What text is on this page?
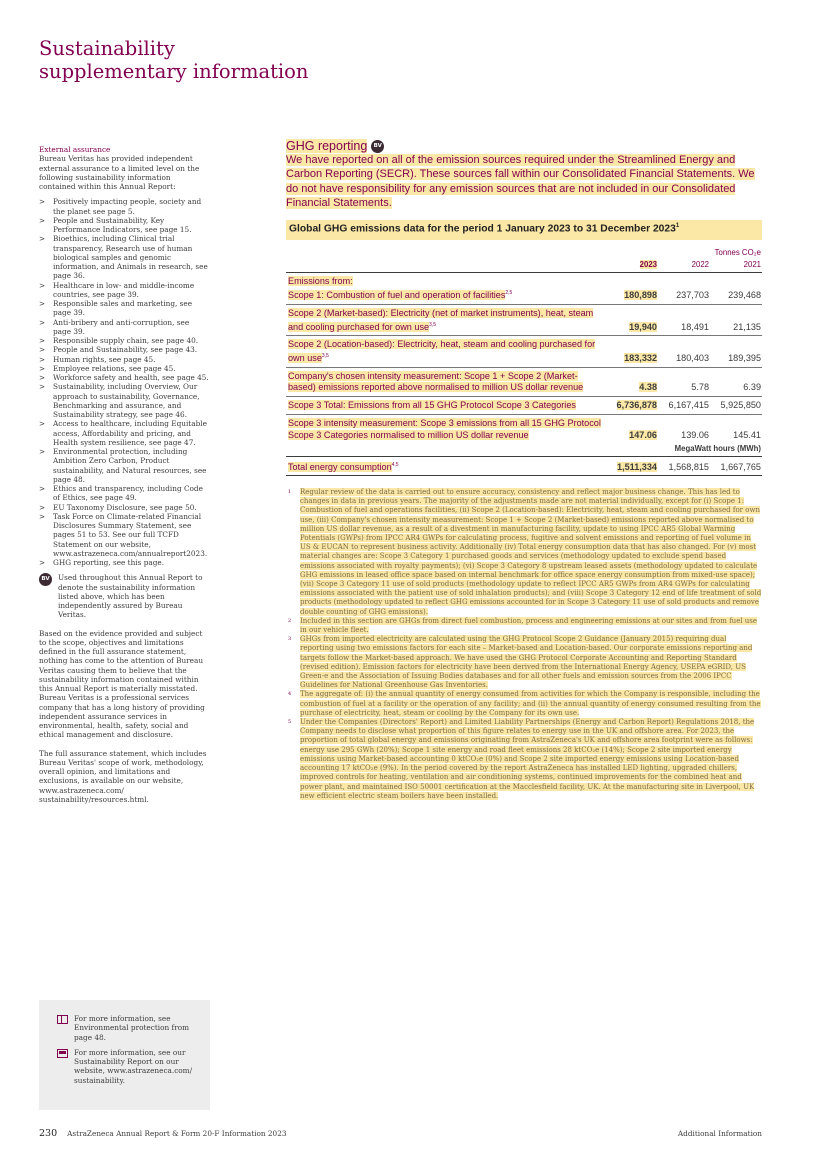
Sustainability
supplementary information
External assurance
Bureau Veritas has provided independent external assurance to a limited level on the following sustainability information contained within this Annual Report:
> Positively impacting people, society and the planet see page 5.
> People and Sustainability, Key Performance Indicators, see page 15.
> Bioethics, including Clinical trial transparency, Research use of human biological samples and genomic information, and Animals in research, see page 36.
> Healthcare in low- and middle-income countries, see page 39.
> Responsible sales and marketing, see page 39.
> Anti-bribery and anti-corruption, see page 39.
> Responsible supply chain, see page 40.
> People and Sustainability, see page 43.
> Human rights, see page 45.
> Employee relations, see page 45.
> Workforce safety and health, see page 45.
> Sustainability, including Overview, Our approach to sustainability, Governance, Benchmarking and assurance, and Sustainability strategy, see page 46.
> Access to healthcare, including Equitable access, Affordability and pricing, and Health system resilience, see page 47.
> Environmental protection, including Ambition Zero Carbon, Product sustainability, and Natural resources, see page 48.
> Ethics and transparency, including Code of Ethics, see page 49.
> EU Taxonomy Disclosure, see page 50.
> Task Force on Climate-related Financial Disclosures Summary Statement, see pages 51 to 53. See our full TCFD Statement on our website, www.astrazeneca.com/annualreport2023.
> GHG reporting, see this page.
BV	Used throughout this Annual Report to denote the sustainability information listed above, which has been independently assured by Bureau Veritas.

Based on the evidence provided and subject to the scope, objectives and limitations defined in the full assurance statement, nothing has come to the attention of Bureau Veritas causing them to believe that the sustainability information contained within this Annual Report is materially misstated. Bureau Veritas is a professional services company that has a long history of providing independent assurance services in environmental, health, safety, social and ethical management and disclosure.

The full assurance statement, which includes Bureau Veritas' scope of work, methodology, overall opinion, and limitations and exclusions, is available on our website, www.astrazeneca.com/ sustainability/resources.html.

For more information, see Environmental protection from page 48.
For more information, see our Sustainability Report on our website, www.astrazeneca.com/ sustainability.
GHG reporting	BV
We have reported on all of the emission sources required under the Streamlined Energy and Carbon Reporting (SECR). These sources fall within our Consolidated Financial Statements. We do not have responsibility for any emission sources that are not included in our Consolidated Financial Statements.
Global GHG emissions data for the period 1 January 2023 to 31 December 2023$^1$
		Tonnes CO₂e	
	2023	2022	2021
Emissions from:			
Scope 1: Combustion of fuel and operation of facilities$^{2,5}$	180,898	237,703	239,468
Scope 2 (Market-based): Electricity (net of market instruments), heat, steam and cooling purchased for own use$^{3,5}$	19,940	18,491	21,135
Scope 2 (Location-based): Electricity, heat, steam and cooling purchased for own use$^{3,5}$	183,332	180,403	189,395
Company's chosen intensity measurement: Scope 1 + Scope 2 (Market-based) emissions reported above normalised to million US dollar revenue	4.38	5.78	6.39
Scope 3 Total: Emissions from all 15 GHG Protocol Scope 3 Categories	6,736,878	6,167,415	5,925,850
Scope 3 intensity measurement: Scope 3 emissions from all 15 GHG Protocol Scope 3 Categories normalised to million US dollar revenue	147.06	139.06	145.41
	MegaWatt hours (MWh)		
Total energy consumption$^{4,5}$	1,511,334	1,568,815	1,667,765
1	Regular review of the data is carried out to ensure accuracy, consistency and reflect major business change. This has led to changes in data in previous years. The majority of the adjustments made are not material individually, except for (i) Scope 1: Combustion of fuel and operations facilities, (ii) Scope 2 (Location-based): Electricity, heat, steam and cooling purchased for own use, (iii) Company's chosen intensity measurement: Scope 1 + Scope 2 (Market-based) emissions reported above normalised to million US dollar revenue, as a result of a divestment in manufacturing facility, update to using IPCC AR5 Global Warming Potentials (GWPs) from IPCC AR4 GWPs for calculating process, fugitive and solvent emissions and reporting of fuel volume in US & EUCAN to represent business activity. Additionally (iv) Total energy consumption data that has also changed. For (v) most material changes are: Scope 3 Category 1 purchased goods and services (methodology updated to exclude spend based emissions associated with royalty payments); (vi) Scope 3 Category 8 upstream leased assets (methodology updated to calculate GHG emissions in leased office space based on internal benchmark for office space energy consumption from mixed-use space); (vii) Scope 3 Category 11 use of sold products (methodology update to reflect IPCC AR5 GWPs from AR4 GWPs for calculating emissions associated with the patient use of sold inhalation products); and (viii) Scope 3 Category 12 end of life treatment of sold products (methodology updated to reflect GHG emissions accounted for in Scope 3 Category 11 use of sold products and remove double counting of GHG emissions).
2	Included in this section are GHGs from direct fuel combustion, process and engineering emissions at our sites and from fuel use in our vehicle fleet.
3	GHGs from imported electricity are calculated using the GHG Protocol Scope 2 Guidance (January 2015) requiring dual reporting using two emissions factors for each site – Market-based and Location-based. Our corporate emissions reporting and targets follow the Market-based approach. We have used the GHG Protocol Corporate Accounting and Reporting Standard (revised edition). Emission factors for electricity have been derived from the International Energy Agency, USEPA eGRID, US Green-e and the Association of Issuing Bodies databases and for all other fuels and emission sources from the 2006 IPCC Guidelines for National Greenhouse Gas Inventories.
4	The aggregate of: (i) the annual quantity of energy consumed from activities for which the Company is responsible, including the combustion of fuel at a facility or the operation of any facility; and (ii) the annual quantity of energy consumed resulting from the purchase of electricity, heat, steam or cooling by the Company for its own use.
5	Under the Companies (Directors' Report) and Limited Liability Partnerships (Energy and Carbon Report) Regulations 2018, the Company needs to disclose what proportion of this figure relates to energy use in the UK and offshore area. For 2023, the proportion of total global energy and emissions originating from AstraZeneca's UK and offshore area footprint were as follows: energy use 295 GWh (20%); Scope 1 site energy and road fleet emissions 28 ktCO₂e (14%); Scope 2 site imported energy emissions using Market-based accounting 0 ktCO₂e (0%) and Scope 2 site imported energy emissions using Location-based accounting 17 ktCO₂e (9%). In the period covered by the report AstraZeneca has installed LED lighting, upgraded chillers, improved controls for heating, ventilation and air conditioning systems, continued improvements for the combined heat and power plant, and maintained ISO 50001 certification at the Macclesfield facility, UK. At the manufacturing site in Liverpool, UK new efficient electric steam boilers have been installed.
230 AstraZeneca Annual Report & Form 20-F Information 2023	Additional Information
